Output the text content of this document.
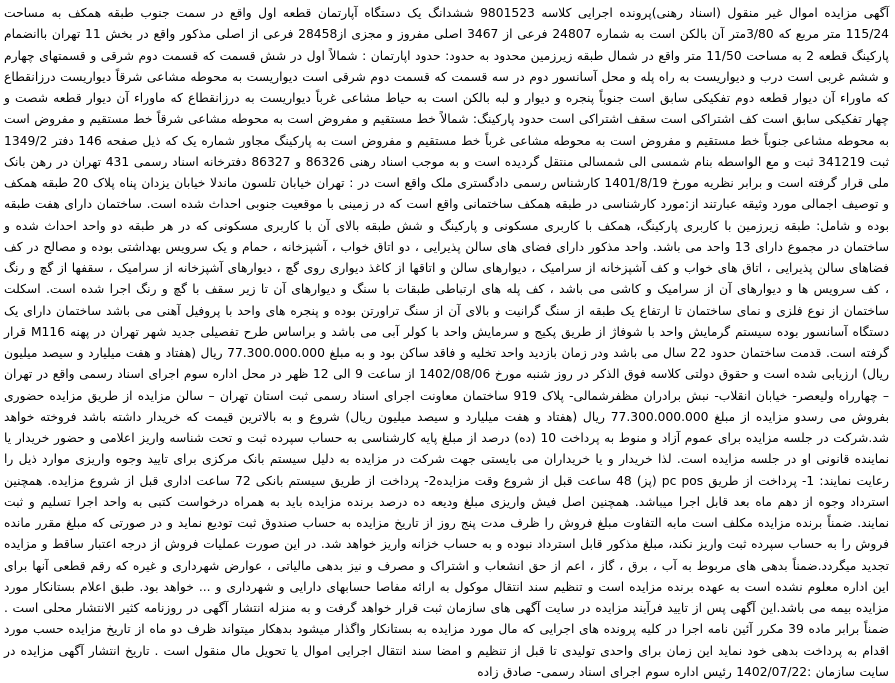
آگهی مزایده اموال غیر منقول (اسناد رهنی)پرونده اجرایی کلاسه 9801523 ششدانگ یک دستگاه آپارتمان قطعه اول واقع در سمت جنوب طبقه همکف به مساحت 115/24 متر مربع که 3/80متر آن بالکن است به شماره 24807 فرعی از 3467 اصلی مفروز و مجزی از28458 فرعی از اصلی مذکور واقع در بخش 11 تهران باانضمام پارکینگ قطعه 2 به مساحت 11/50 متر واقع در شمال طبقه زیرزمین محدود به حدود: حدود اپارتمان : شمالاً اول در شش قسمت که قسمت دوم شرقی و قسمتهای چهارم و ششم غربی است درب و دیواریست به راه پله و محل آسانسور دوم در سه قسمت که قسمت دوم شرقی است دیواریست به محوطه مشاعی شرقاً دیواریست درزانقطاع که ماوراء آن دیوار قطعه دوم تفکیکی سابق است جنوباً پنجره و دیوار و لبه بالکن است به حیاط مشاعی غرباً دیواریست به درزانقطاع که ماوراء آن دیوار قطعه شصت و چهار تفکیکی سابق است کف اشتراکی است سقف اشتراکی است حدود پارکینگ: شمالاً خط مستقیم و مفروض است به محوطه مشاعی شرقاً خط مستقیم و مفروض است به محوطه مشاعی جنوباً خط مستقیم و مفروض است به محوطه مشاعی غرباً خط مستقیم و مفروض است به پارکینگ مجاور شماره یک که ذیل صفحه 146 دفتر 1349/2 ثبت 341219 ثبت و مع الواسطه بنام شمسی الی شمسالی منتقل گردیده است و به موجب اسناد رهنی 86326 و 86327 دفترخانه اسناد رسمی 431 تهران در رهن بانک ملی قرار گرفته است و برابر نظریه مورخ 1401/8/19 کارشناس رسمی دادگستری ملک واقع است در : تهران خیابان تلسون ماندلا خیابان یزدان پناه پلاک 20 طبقه همکف و توصیف اجمالی مورد وثیقه عبارتند از:مورد کارشناسی در طبقه همکف ساختمانی واقع است که در زمینی با موقعیت جنوبی احداث شده است. ساختمان دارای هفت طبقه بوده و شامل: طبقه زیرزمین با کاربری پارکینگ، همکف با کاربری مسکونی و پارکینگ و شش طبقه بالای آن با کاربری مسکونی که در هر طبقه دو واحد احداث شده و ساختمان در مجموع دارای 13 واحد می باشد. واحد مذکور دارای فضای های سالن پذیرایی ، دو اتاق خواب ، آشپزخانه ، حمام و یک سرویس بهداشتی بوده و مصالح در کف فضاهای سالن پذیرایی ، اتاق های خواب و کف آشپزخانه از سرامیک ، دیوارهای سالن و اتاقها از کاغذ دیواری روی گچ ، دیوارهای آشپزخانه از سرامیک ، سقفها از گچ و رنگ ، کف سرویس ها و دیوارهای آن از سرامیک و کاشی می باشد ، کف پله های ارتباطی طبقات با سنگ و دیوارهای آن تا زیر سقف با گچ و رنگ اجرا شده است. اسکلت ساختمان از نوع فلزی و نمای ساختمان تا ارتفاع یک طبقه از سنگ گرانیت و بالای آن از سنگ تراورتن بوده و پنجره های واحد با پروفیل آهنی می باشد ساختمان دارای یک دستگاه آسانسور بوده سیستم گرمایش واحد با شوفاژ از طریق پکیج و سرمایش واحد با کولر آبی می باشد و براساس طرح تفصیلی جدید شهر تهران در پهنه M116 قرار گرفته است. قدمت ساختمان حدود 22 سال می باشد ودر زمان بازدید واحد تخلیه و فاقد ساکن بود و به مبلغ 77.300.000.000 ریال (هفتاد و هفت میلیارد و سیصد میلیون ریال) ارزیابی شده است و حقوق دولتی کلاسه فوق الذکر در روز شنبه مورخ 1402/08/06 از ساعت 9 الی 12 ظهر در محل اداره سوم اجرای اسناد رسمی واقع در تهران – چهارراه ولیعصر- خیابان انقلاب- نبش برادران مظفرشمالی- پلاک 919 ساختمان معاونت اجرای اسناد رسمی ثبت استان تهران – سالن مزایده از طریق مزایده حضوری بفروش می رسدو مزایده از مبلغ 77.300.000.000 ریال (هفتاد و هفت میلیارد و سیصد میلیون ریال) شروع و به بالاترین قیمت که خریدار داشته باشد فروخته خواهد شد.شرکت در جلسه مزایده برای عموم آزاد و منوط به پرداخت 10 (ده) درصد از مبلغ پایه کارشناسی به حساب سپرده ثبت و تحت شناسه واریز اعلامی و حضور خریدار یا نماینده قانونی او در جلسه مزایده است. لذا خریدار و یا خریداران می بایستی جهت شرکت در مزایده به دلیل سیستم بانک مرکزی برای تایید وجوه واریزی موارد ذیل را رعایت نمایند: 1- پرداخت از طریق pc pos (پز) 48 ساعت قبل از شروع وقت مزایده2- پرداخت از طریق سیستم بانکی 72 ساعت اداری قبل از شروع مزایده. همچنین استرداد وجوه از دهم ماه بعد قابل اجرا میباشد. همچنین اصل فیش واریزی مبلغ ودیعه ده درصد برنده مزایده باید به همراه درخواست کتبی به واحد اجرا تسلیم و ثبت نمایند. ضمناً برنده مزایده مکلف است مابه التفاوت مبلغ فروش را ظرف مدت پنج روز از تاریخ مزایده به حساب صندوق ثبت تودیع نماید و در صورتی که مبلغ مقرر مانده فروش را به حساب سپرده ثبت واریز نکند، مبلغ مذکور قابل استرداد نبوده و به حساب خزانه واریز خواهد شد. در این صورت عملیات فروش از درجه اعتبار ساقط و مزایده تجدید میگردد.ضمناً بدهی های مربوط به آب ، برق ، گاز ، اعم از حق انشعاب و اشتراک و مصرف و نیز بدهی مالیاتی ، عوارض شهرداری و غیره که رقم قطعی آنها برای این اداره معلوم نشده است به عهده برنده مزایده است و تنظیم سند انتقال موکول به ارائه مفاصا حسابهای دارایی و شهرداری و ... خواهد بود. طبق اعلام بستانکار مورد مزایده بیمه می باشد.این آگهی پس از تایید فرآیند مزایده در سایت آگهی های سازمان ثبت قرار خواهد گرفت و به منزله انتشار آگهی در روزنامه کثیر الانتشار محلی است . ضمناً برابر ماده 39 مکرر آئین نامه اجرا در کلیه پرونده های اجرایی که مال مورد مزایده به بستانکار واگذار میشود بدهکار میتواند ظرف دو ماه از تاریخ مزایده حسب مورد اقدام به پرداخت بدهی خود نماید این زمان برای واحدی تولیدی تا قبل از تنظیم و امضا سند انتقال اجرایی اموال یا تحویل مال منقول است . تاریخ انتشار آگهی مزایده در سایت سازمان :1402/07/22 رئیس اداره سوم اجرای اسناد رسمی- صادق زاده
